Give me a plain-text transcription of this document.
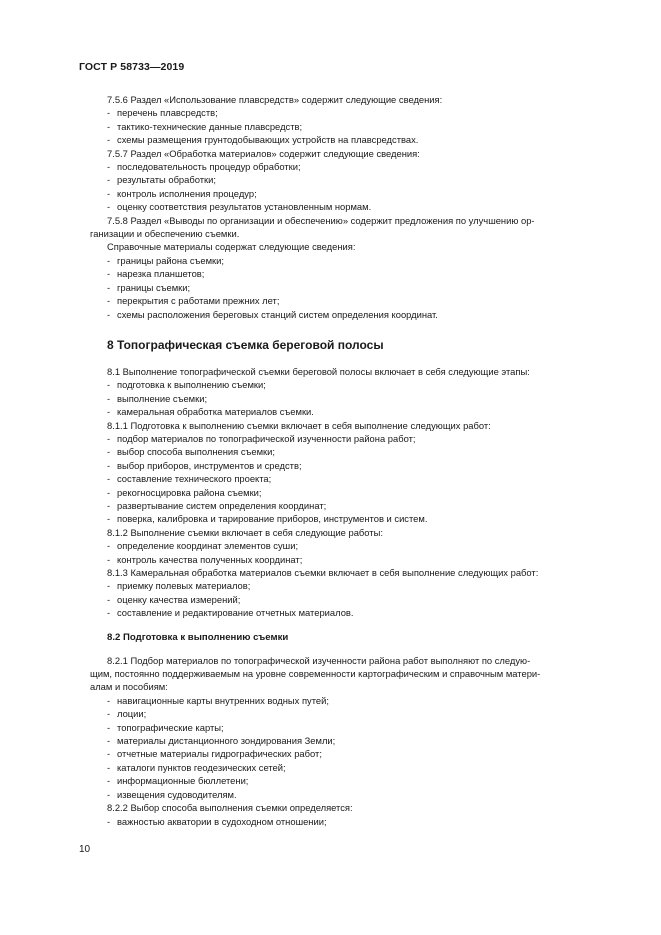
ГОСТ Р 58733—2019
7.5.6 Раздел «Использование плавсредств» содержит следующие сведения:
- перечень плавсредств;
- тактико-технические данные плавсредств;
- схемы размещения грунтодобывающих устройств на плавсредствах.
7.5.7 Раздел «Обработка материалов» содержит следующие сведения:
- последовательность процедур обработки;
- результаты обработки;
- контроль исполнения процедур;
- оценку соответствия результатов установленным нормам.
7.5.8 Раздел «Выводы по организации и обеспечению» содержит предложения по улучшению ор-
ганизации и обеспечению съемки.
Справочные материалы содержат следующие сведения:
- границы района съемки;
- нарезка планшетов;
- границы съемки;
- перекрытия с работами прежних лет;
- схемы расположения береговых станций систем определения координат.
8 Топографическая съемка береговой полосы
8.1 Выполнение топографической съемки береговой полосы включает в себя следующие этапы:
- подготовка к выполнению съемки;
- выполнение съемки;
- камеральная обработка материалов съемки.
8.1.1 Подготовка к выполнению съемки включает в себя выполнение следующих работ:
- подбор материалов по топографической изученности района работ;
- выбор способа выполнения съемки;
- выбор приборов, инструментов и средств;
- составление технического проекта;
- рекогносцировка района съемки;
- развертывание систем определения координат;
- поверка, калибровка и тарирование приборов, инструментов и систем.
8.1.2 Выполнение съемки включает в себя следующие работы:
- определение координат элементов суши;
- контроль качества полученных координат;
8.1.3 Камеральная обработка материалов съемки включает в себя выполнение следующих работ:
- приемку полевых материалов;
- оценку качества измерений;
- составление и редактирование отчетных материалов.
8.2 Подготовка к выполнению съемки
8.2.1 Подбор материалов по топографической изученности района работ выполняют по следую-
щим, постоянно поддерживаемым на уровне современности картографическим и справочным матери-
алам и пособиям:
- навигационные карты внутренних водных путей;
- лоции;
- топографические карты;
- материалы дистанционного зондирования Земли;
- отчетные материалы гидрографических работ;
- каталоги пунктов геодезических сетей;
- информационные бюллетени;
- извещения судоводителям.
8.2.2 Выбор способа выполнения съемки определяется:
- важностью акватории в судоходном отношении;
10
